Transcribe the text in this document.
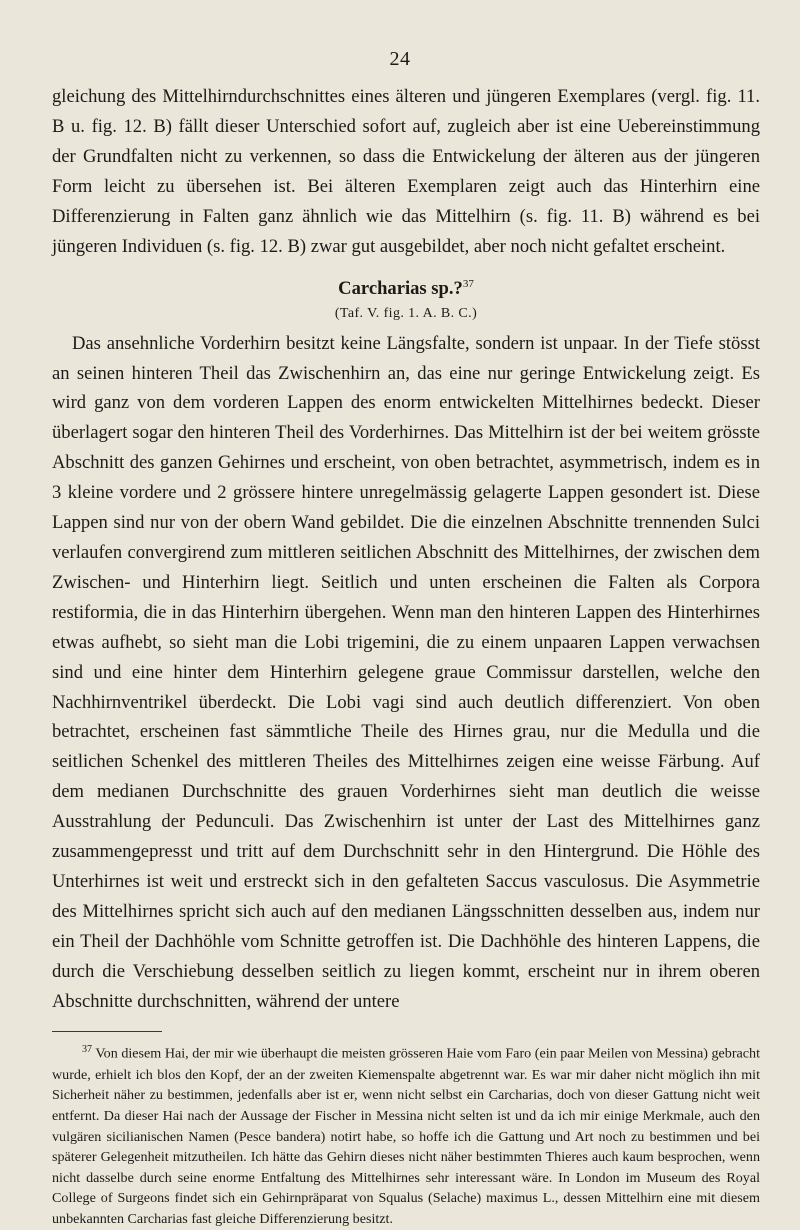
24

gleichung des Mittelhirndurchschnittes eines älteren und jüngeren Exemplares (vergl. fig. 11. B u. fig. 12. B) fällt dieser Unterschied sofort auf, zugleich aber ist eine Uebereinstimmung der Grundfalten nicht zu verkennen, so dass die Entwickelung der älteren aus der jüngeren Form leicht zu übersehen ist. Bei älteren Exemplaren zeigt auch das Hinterhirn eine Differenzierung in Falten ganz ähnlich wie das Mittelhirn (s. fig. 11. B) während es bei jüngeren Individuen (s. fig. 12. B) zwar gut ausgebildet, aber noch nicht gefaltet erscheint.

Carcharias sp.?$^{37}$
(Taf. V. fig. 1. A. B. C.)

Das ansehnliche Vorderhirn besitzt keine Längsfalte, sondern ist unpaar. In der Tiefe stösst an seinen hinteren Theil das Zwischenhirn an, das eine nur geringe Entwickelung zeigt. Es wird ganz von dem vorderen Lappen des enorm entwickelten Mittelhirnes bedeckt. Dieser überlagert sogar den hinteren Theil des Vorderhirnes. Das Mittelhirn ist der bei weitem grösste Abschnitt des ganzen Gehirnes und erscheint, von oben betrachtet, asymmetrisch, indem es in 3 kleine vordere und 2 grössere hintere unregelmässig gelagerte Lappen gesondert ist. Diese Lappen sind nur von der obern Wand gebildet. Die die einzelnen Abschnitte trennenden Sulci verlaufen convergirend zum mittleren seitlichen Abschnitt des Mittelhirnes, der zwischen dem Zwischen- und Hinterhirn liegt. Seitlich und unten erscheinen die Falten als Corpora restiformia, die in das Hinterhirn übergehen. Wenn man den hinteren Lappen des Hinterhirnes etwas aufhebt, so sieht man die Lobi trigemini, die zu einem unpaaren Lappen verwachsen sind und eine hinter dem Hinterhirn gelegene graue Commissur darstellen, welche den Nachhirnventrikel überdeckt. Die Lobi vagi sind auch deutlich differenziert. Von oben betrachtet, erscheinen fast sämmtliche Theile des Hirnes grau, nur die Medulla und die seitlichen Schenkel des mittleren Theiles des Mittelhirnes zeigen eine weisse Färbung. Auf dem medianen Durchschnitte des grauen Vorderhirnes sieht man deutlich die weisse Ausstrahlung der Pedunculi. Das Zwischenhirn ist unter der Last des Mittelhirnes ganz zusammengepresst und tritt auf dem Durchschnitt sehr in den Hintergrund. Die Höhle des Unterhirnes ist weit und erstreckt sich in den gefalteten Saccus vasculosus. Die Asymmetrie des Mittelhirnes spricht sich auch auf den medianen Längsschnitten desselben aus, indem nur ein Theil der Dachhöhle vom Schnitte getroffen ist. Die Dachhöhle des hinteren Lappens, die durch die Verschiebung desselben seitlich zu liegen kommt, erscheint nur in ihrem oberen Abschnitte durchschnitten, während der untere

$^{37}$ Von diesem Hai, der mir wie überhaupt die meisten grösseren Haie vom Faro (ein paar Meilen von Messina) gebracht wurde, erhielt ich blos den Kopf, der an der zweiten Kiemenspalte abgetrennt war. Es war mir daher nicht möglich ihn mit Sicherheit näher zu bestimmen, jedenfalls aber ist er, wenn nicht selbst ein Carcharias, doch von dieser Gattung nicht weit entfernt. Da dieser Hai nach der Aussage der Fischer in Messina nicht selten ist und da ich mir einige Merkmale, auch den vulgären sicilianischen Namen (Pesce bandera) notirt habe, so hoffe ich die Gattung und Art noch zu bestimmen und bei späterer Gelegenheit mitzutheilen. Ich hätte das Gehirn dieses nicht näher bestimmten Thieres auch kaum besprochen, wenn nicht dasselbe durch seine enorme Entfaltung des Mittelhirnes sehr interessant wäre. In London im Museum des Royal College of Surgeons findet sich ein Gehirnpräparat von Squalus (Selache) maximus L., dessen Mittelhirn eine mit diesem unbekannten Carcharias fast gleiche Differenzierung besitzt.
